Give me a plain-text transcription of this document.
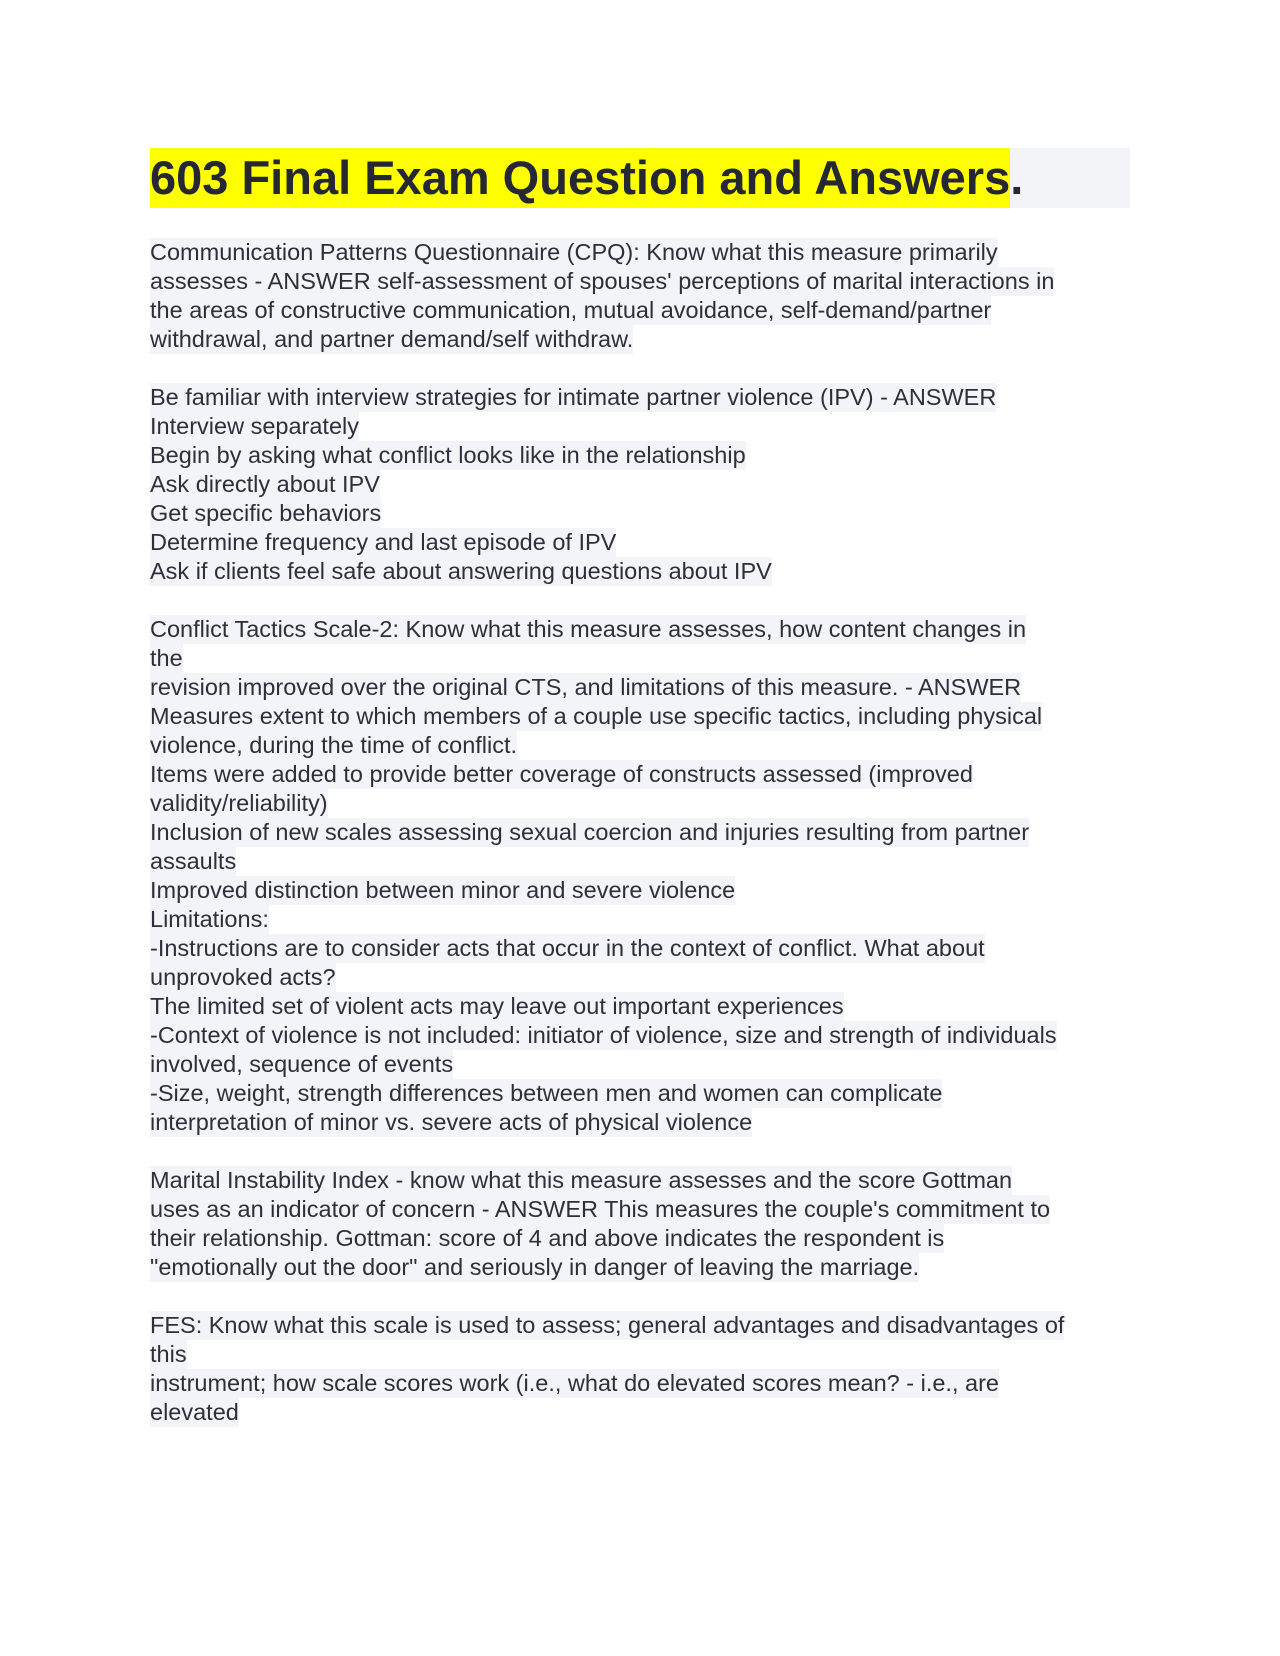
603 Final Exam Question and Answers.
Communication Patterns Questionnaire (CPQ): Know what this measure primarily
assesses - ANSWER self-assessment of spouses' perceptions of marital interactions in
the areas of constructive communication, mutual avoidance, self-demand/partner
withdrawal, and partner demand/self withdraw.
Be familiar with interview strategies for intimate partner violence (IPV) - ANSWER
Interview separately
Begin by asking what conflict looks like in the relationship
Ask directly about IPV
Get specific behaviors
Determine frequency and last episode of IPV
Ask if clients feel safe about answering questions about IPV
Conflict Tactics Scale-2: Know what this measure assesses, how content changes in
the
revision improved over the original CTS, and limitations of this measure. - ANSWER
Measures extent to which members of a couple use specific tactics, including physical
violence, during the time of conflict.
Items were added to provide better coverage of constructs assessed (improved
validity/reliability)
Inclusion of new scales assessing sexual coercion and injuries resulting from partner
assaults
Improved distinction between minor and severe violence
Limitations:
-Instructions are to consider acts that occur in the context of conflict. What about
unprovoked acts?
The limited set of violent acts may leave out important experiences
-Context of violence is not included: initiator of violence, size and strength of individuals
involved, sequence of events
-Size, weight, strength differences between men and women can complicate
interpretation of minor vs. severe acts of physical violence
Marital Instability Index - know what this measure assesses and the score Gottman
uses as an indicator of concern - ANSWER This measures the couple's commitment to
their relationship. Gottman: score of 4 and above indicates the respondent is
"emotionally out the door" and seriously in danger of leaving the marriage.
FES: Know what this scale is used to assess; general advantages and disadvantages of
this
instrument; how scale scores work (i.e., what do elevated scores mean? - i.e., are
elevated
